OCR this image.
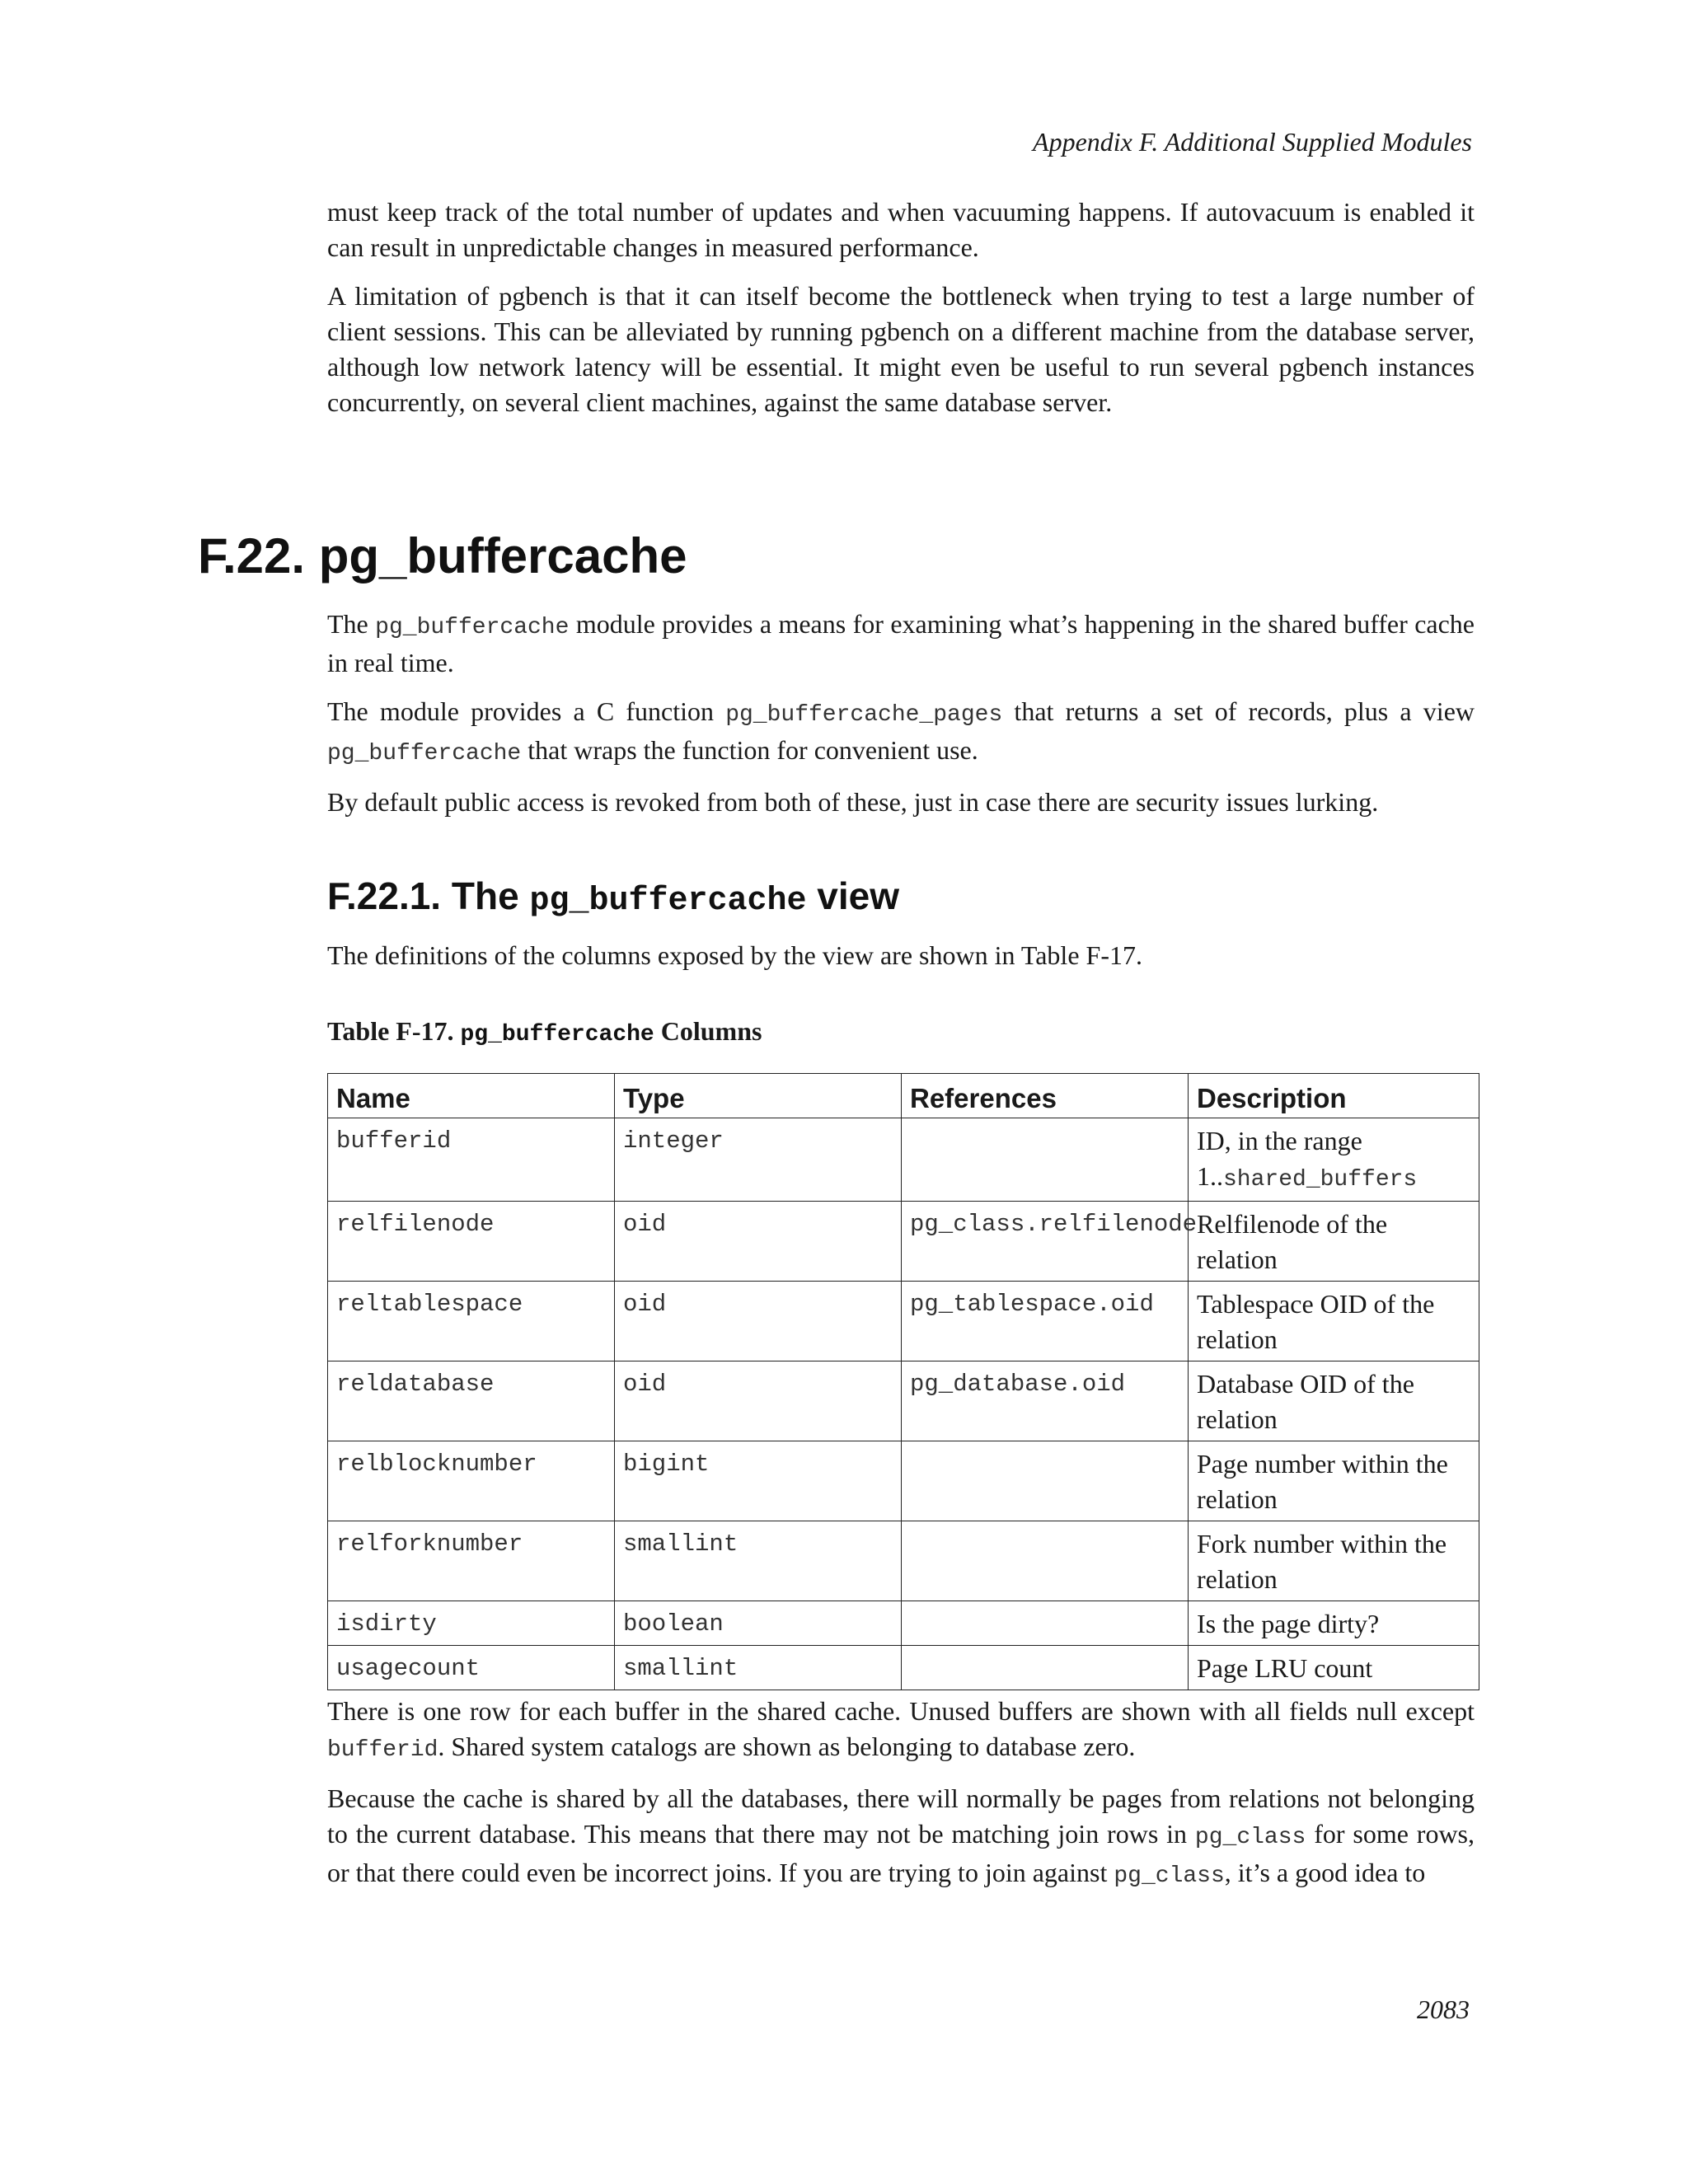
Appendix F. Additional Supplied Modules

must keep track of the total number of updates and when vacuuming happens. If autovacuum is enabled it can result in unpredictable changes in measured performance.

A limitation of pgbench is that it can itself become the bottleneck when trying to test a large number of client sessions. This can be alleviated by running pgbench on a different machine from the database server, although low network latency will be essential. It might even be useful to run several pgbench instances concurrently, on several client machines, against the same database server.

F.22. pg_buffercache

The pg_buffercache module provides a means for examining what’s happening in the shared buffer cache in real time.

The module provides a C function pg_buffercache_pages that returns a set of records, plus a view pg_buffercache that wraps the function for convenient use.

By default public access is revoked from both of these, just in case there are security issues lurking.

F.22.1. The pg_buffercache view

The definitions of the columns exposed by the view are shown in Table F-17.

Table F-17. pg_buffercache Columns
Name	Type	References	Description
bufferid	integer		ID, in the range 1..shared_buffers
relfilenode	oid	pg_class.relfilenode	Relfilenode of the relation
reltablespace	oid	pg_tablespace.oid	Tablespace OID of the relation
reldatabase	oid	pg_database.oid	Database OID of the relation
relblocknumber	bigint		Page number within the relation
relforknumber	smallint		Fork number within the relation
isdirty	boolean		Is the page dirty?
usagecount	smallint		Page LRU count

There is one row for each buffer in the shared cache. Unused buffers are shown with all fields null except bufferid. Shared system catalogs are shown as belonging to database zero.

Because the cache is shared by all the databases, there will normally be pages from relations not belonging to the current database. This means that there may not be matching join rows in pg_class for some rows, or that there could even be incorrect joins. If you are trying to join against pg_class, it’s a good idea to

2083
